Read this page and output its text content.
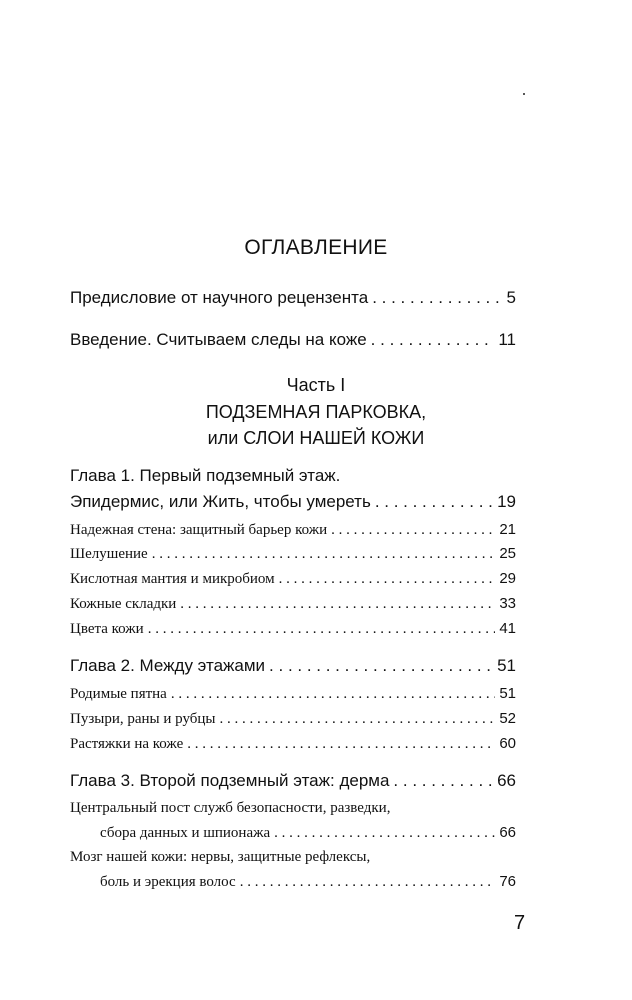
ОГЛАВЛЕНИЕ
Предисловие от научного рецензента . . .	5
Введение. Считываем следы на коже . . .	11
Часть I
ПОДЗЕМНАЯ ПАРКОВКА,
или СЛОИ НАШЕЙ КОЖИ
Глава 1. Первый подземный этаж.
Эпидермис, или Жить, чтобы умереть . . .	19
Надежная стена: защитный барьер кожи . . .	21
Шелушение . . .	25
Кислотная мантия и микробиом . . .	29
Кожные складки . . .	33
Цвета кожи . . .	41
Глава 2. Между этажами . . .	51
Родимые пятна . . .	51
Пузыри, раны и рубцы . . .	52
Растяжки на коже . . .	60
Глава 3. Второй подземный этаж: дерма . . .	66
Центральный пост служб безопасности, разведки,
сбора данных и шпионажа . . .	66
Мозг нашей кожи: нервы, защитные рефлексы,
боль и эрекция волос . . .	76
7
